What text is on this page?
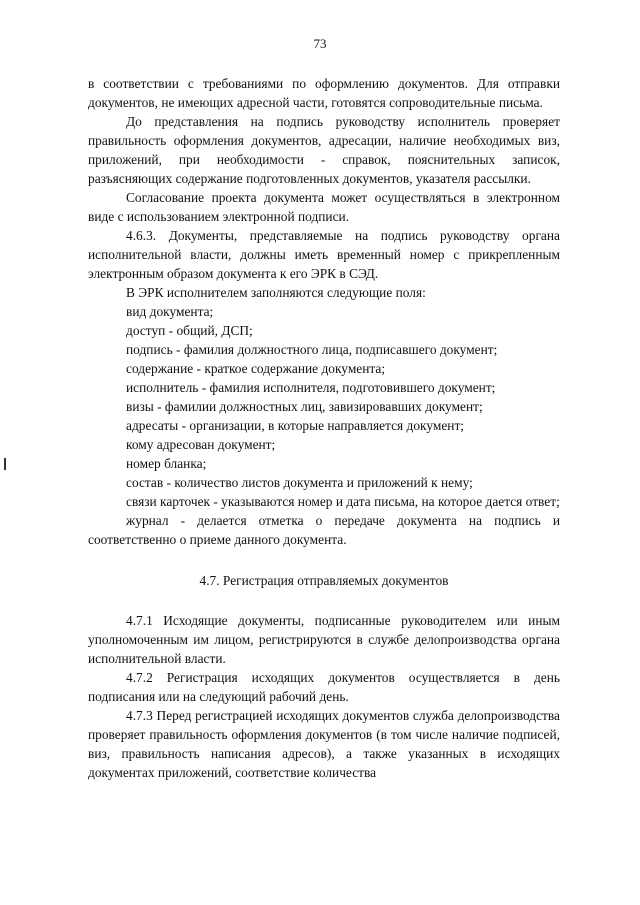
73

в соответствии с требованиями по оформлению документов. Для отправки документов, не имеющих адресной части, готовятся сопроводительные письма.

До представления на подпись руководству исполнитель проверяет правильность оформления документов, адресации, наличие необходимых виз, приложений, при необходимости - справок, пояснительных записок, разъясняющих содержание подготовленных документов, указателя рассылки.

Согласование проекта документа может осуществляться в электронном виде с использованием электронной подписи.

4.6.3. Документы, представляемые на подпись руководству органа исполнительной власти, должны иметь временный номер с прикрепленным электронным образом документа к его ЭРК в СЭД.

В ЭРК исполнителем заполняются следующие поля:

вид документа;

доступ - общий, ДСП;

подпись - фамилия должностного лица, подписавшего документ;

содержание - краткое содержание документа;

исполнитель - фамилия исполнителя, подготовившего документ;

визы - фамилии должностных лиц, завизировавших документ;

адресаты - организации, в которые направляется документ;

кому адресован документ;

номер бланка;

состав - количество листов документа и приложений к нему;

связи карточек - указываются номер и дата письма, на которое дается ответ;

журнал - делается отметка о передаче документа на подпись и соответственно о приеме данного документа.

4.7. Регистрация отправляемых документов

4.7.1 Исходящие документы, подписанные руководителем или иным уполномоченным им лицом, регистрируются в службе делопроизводства органа исполнительной власти.

4.7.2 Регистрация исходящих документов осуществляется в день подписания или на следующий рабочий день.

4.7.3 Перед регистрацией исходящих документов служба делопроизводства проверяет правильность оформления документов (в том числе наличие подписей, виз, правильность написания адресов), а также указанных в исходящих документах приложений, соответствие количества
